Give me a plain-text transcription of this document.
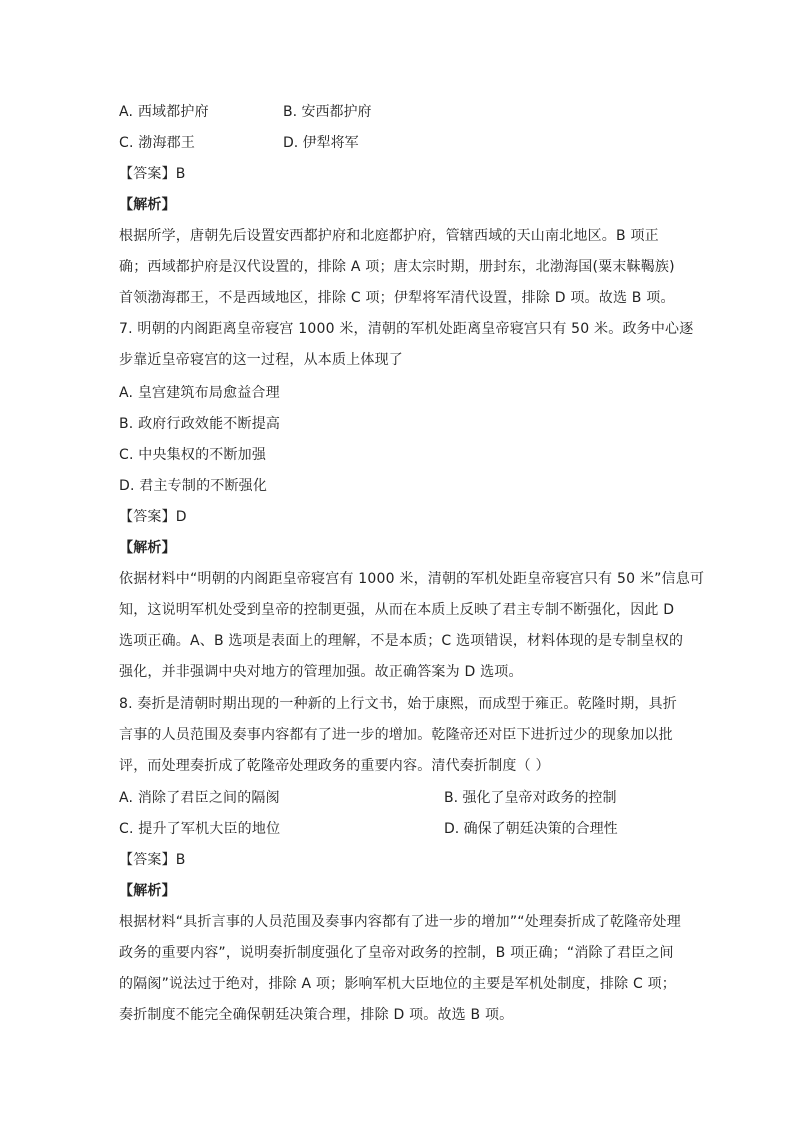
A. 西域都护府	B. 安西都护府
C. 渤海郡王	D. 伊犁将军
【答案】B
【解析】
根据所学，唐朝先后设置安西都护府和北庭都护府，管辖西域的天山南北地区。B 项正
确；西域都护府是汉代设置的，排除 A 项；唐太宗时期，册封东，北渤海国(粟末靺鞨族)
首领渤海郡王，不是西域地区，排除 C 项；伊犁将军清代设置，排除 D 项。故选 B 项。
7. 明朝的内阁距离皇帝寝宫 1000 米，清朝的军机处距离皇帝寝宫只有 50 米。政务中心逐
步靠近皇帝寝宫的这一过程，从本质上体现了
A. 皇宫建筑布局愈益合理
B. 政府行政效能不断提高
C. 中央集权的不断加强
D. 君主专制的不断强化
【答案】D
【解析】
依据材料中“明朝的内阁距皇帝寝宫有 1000 米，清朝的军机处距皇帝寝宫只有 50 米”信息可
知，这说明军机处受到皇帝的控制更强，从而在本质上反映了君主专制不断强化，因此 D
选项正确。A、B 选项是表面上的理解，不是本质；C 选项错误，材料体现的是专制皇权的
强化，并非强调中央对地方的管理加强。故正确答案为 D 选项。
8. 奏折是清朝时期出现的一种新的上行文书，始于康熙，而成型于雍正。乾隆时期，具折
言事的人员范围及奏事内容都有了进一步的增加。乾隆帝还对臣下进折过少的现象加以批
评，而处理奏折成了乾隆帝处理政务的重要内容。清代奏折制度（ ）
A. 消除了君臣之间的隔阂	B. 强化了皇帝对政务的控制
C. 提升了军机大臣的地位	D. 确保了朝廷决策的合理性
【答案】B
【解析】
根据材料“具折言事的人员范围及奏事内容都有了进一步的增加”“处理奏折成了乾隆帝处理
政务的重要内容”，说明奏折制度强化了皇帝对政务的控制，B 项正确；“消除了君臣之间
的隔阂”说法过于绝对，排除 A 项；影响军机大臣地位的主要是军机处制度，排除 C 项；
奏折制度不能完全确保朝廷决策合理，排除 D 项。故选 B 项。
